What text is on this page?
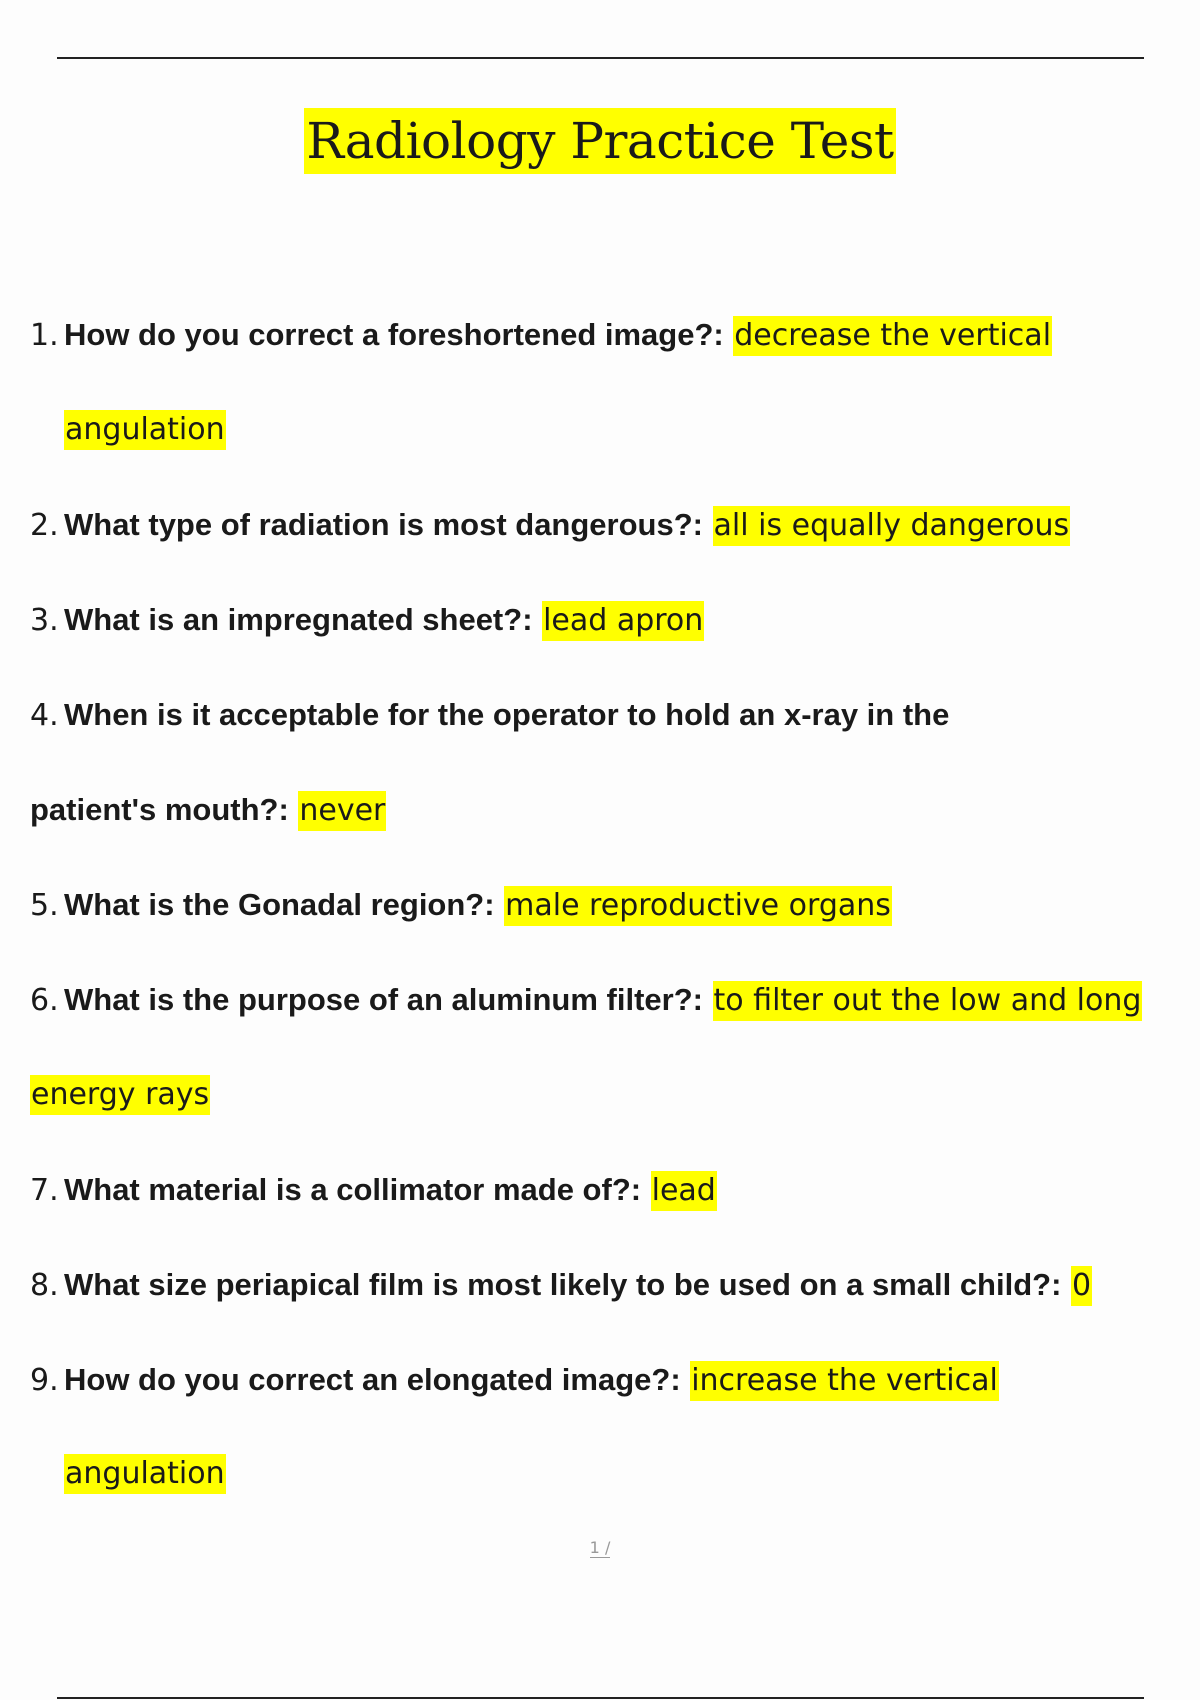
Radiology Practice Test
1. How do you correct a foreshortened image?: decrease the vertical
angulation
2. What type of radiation is most dangerous?: all is equally dangerous
3. What is an impregnated sheet?: lead apron
4. When is it acceptable for the operator to hold an x-ray in the
patient's mouth?: never
5. What is the Gonadal region?: male reproductive organs
6. What is the purpose of an aluminum filter?: to filter out the low and long
energy rays
7. What material is a collimator made of?: lead
8. What size periapical film is most likely to be used on a small child?: 0
9. How do you correct an elongated image?: increase the vertical
angulation
1 /
